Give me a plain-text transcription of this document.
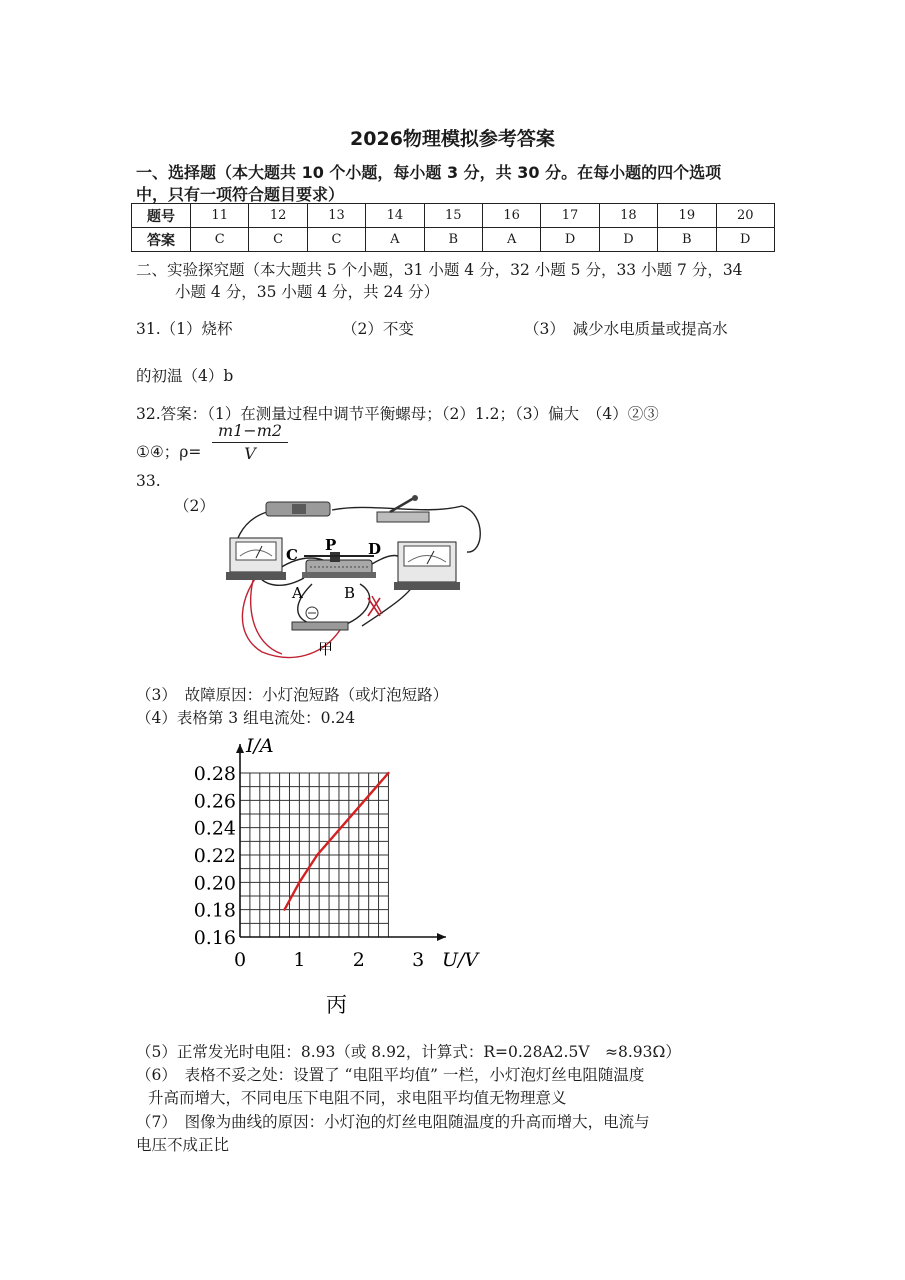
2026物理模拟参考答案
一、选择题（本大题共 10 个小题，每小题 3 分，共 30 分。在每小题的四个选项
中，只有一项符合题目要求）
题号	11	12	13	14	15	16	17	18	19	20
答案	C	C	C	A	B	A	D	D	B	D
二、实验探究题（本大题共 5 个小题，31 小题 4 分，32 小题 5 分，33 小题 7 分，34
小题 4 分，35 小题 4 分，共 24 分）
31.（1）烧杯	（2）不变	（3）　减少水电质量或提高水
的初温（4）b
32.答案：（1）在测量过程中调节平衡螺母；（2）1.2；（3）偏大　（4）②③
①④；$\rho= \frac{m1-m2}{V}$
33.
（2）
C
P D
A	B
甲
（3）　故障原因：小灯泡短路（或灯泡短路）
（4）表格第 3 组电流处：0.24
0.16
0.18
0.20
0.22
0.24
0.26
0.28
0 1 2 3
I/A
U/V
丙
（5）正常发光时电阻：8.93（或 8.92，计算式：R=0.28A2.5V　≈8.93Ω）
（6）　表格不妥之处：设置了 “电阻平均值” 一栏，小灯泡灯丝电阻随温度
升高而增大，不同电压下电阻不同，求电阻平均值无物理意义
（7）　图像为曲线的原因：小灯泡的灯丝电阻随温度的升高而增大，电流与
电压不成正比
